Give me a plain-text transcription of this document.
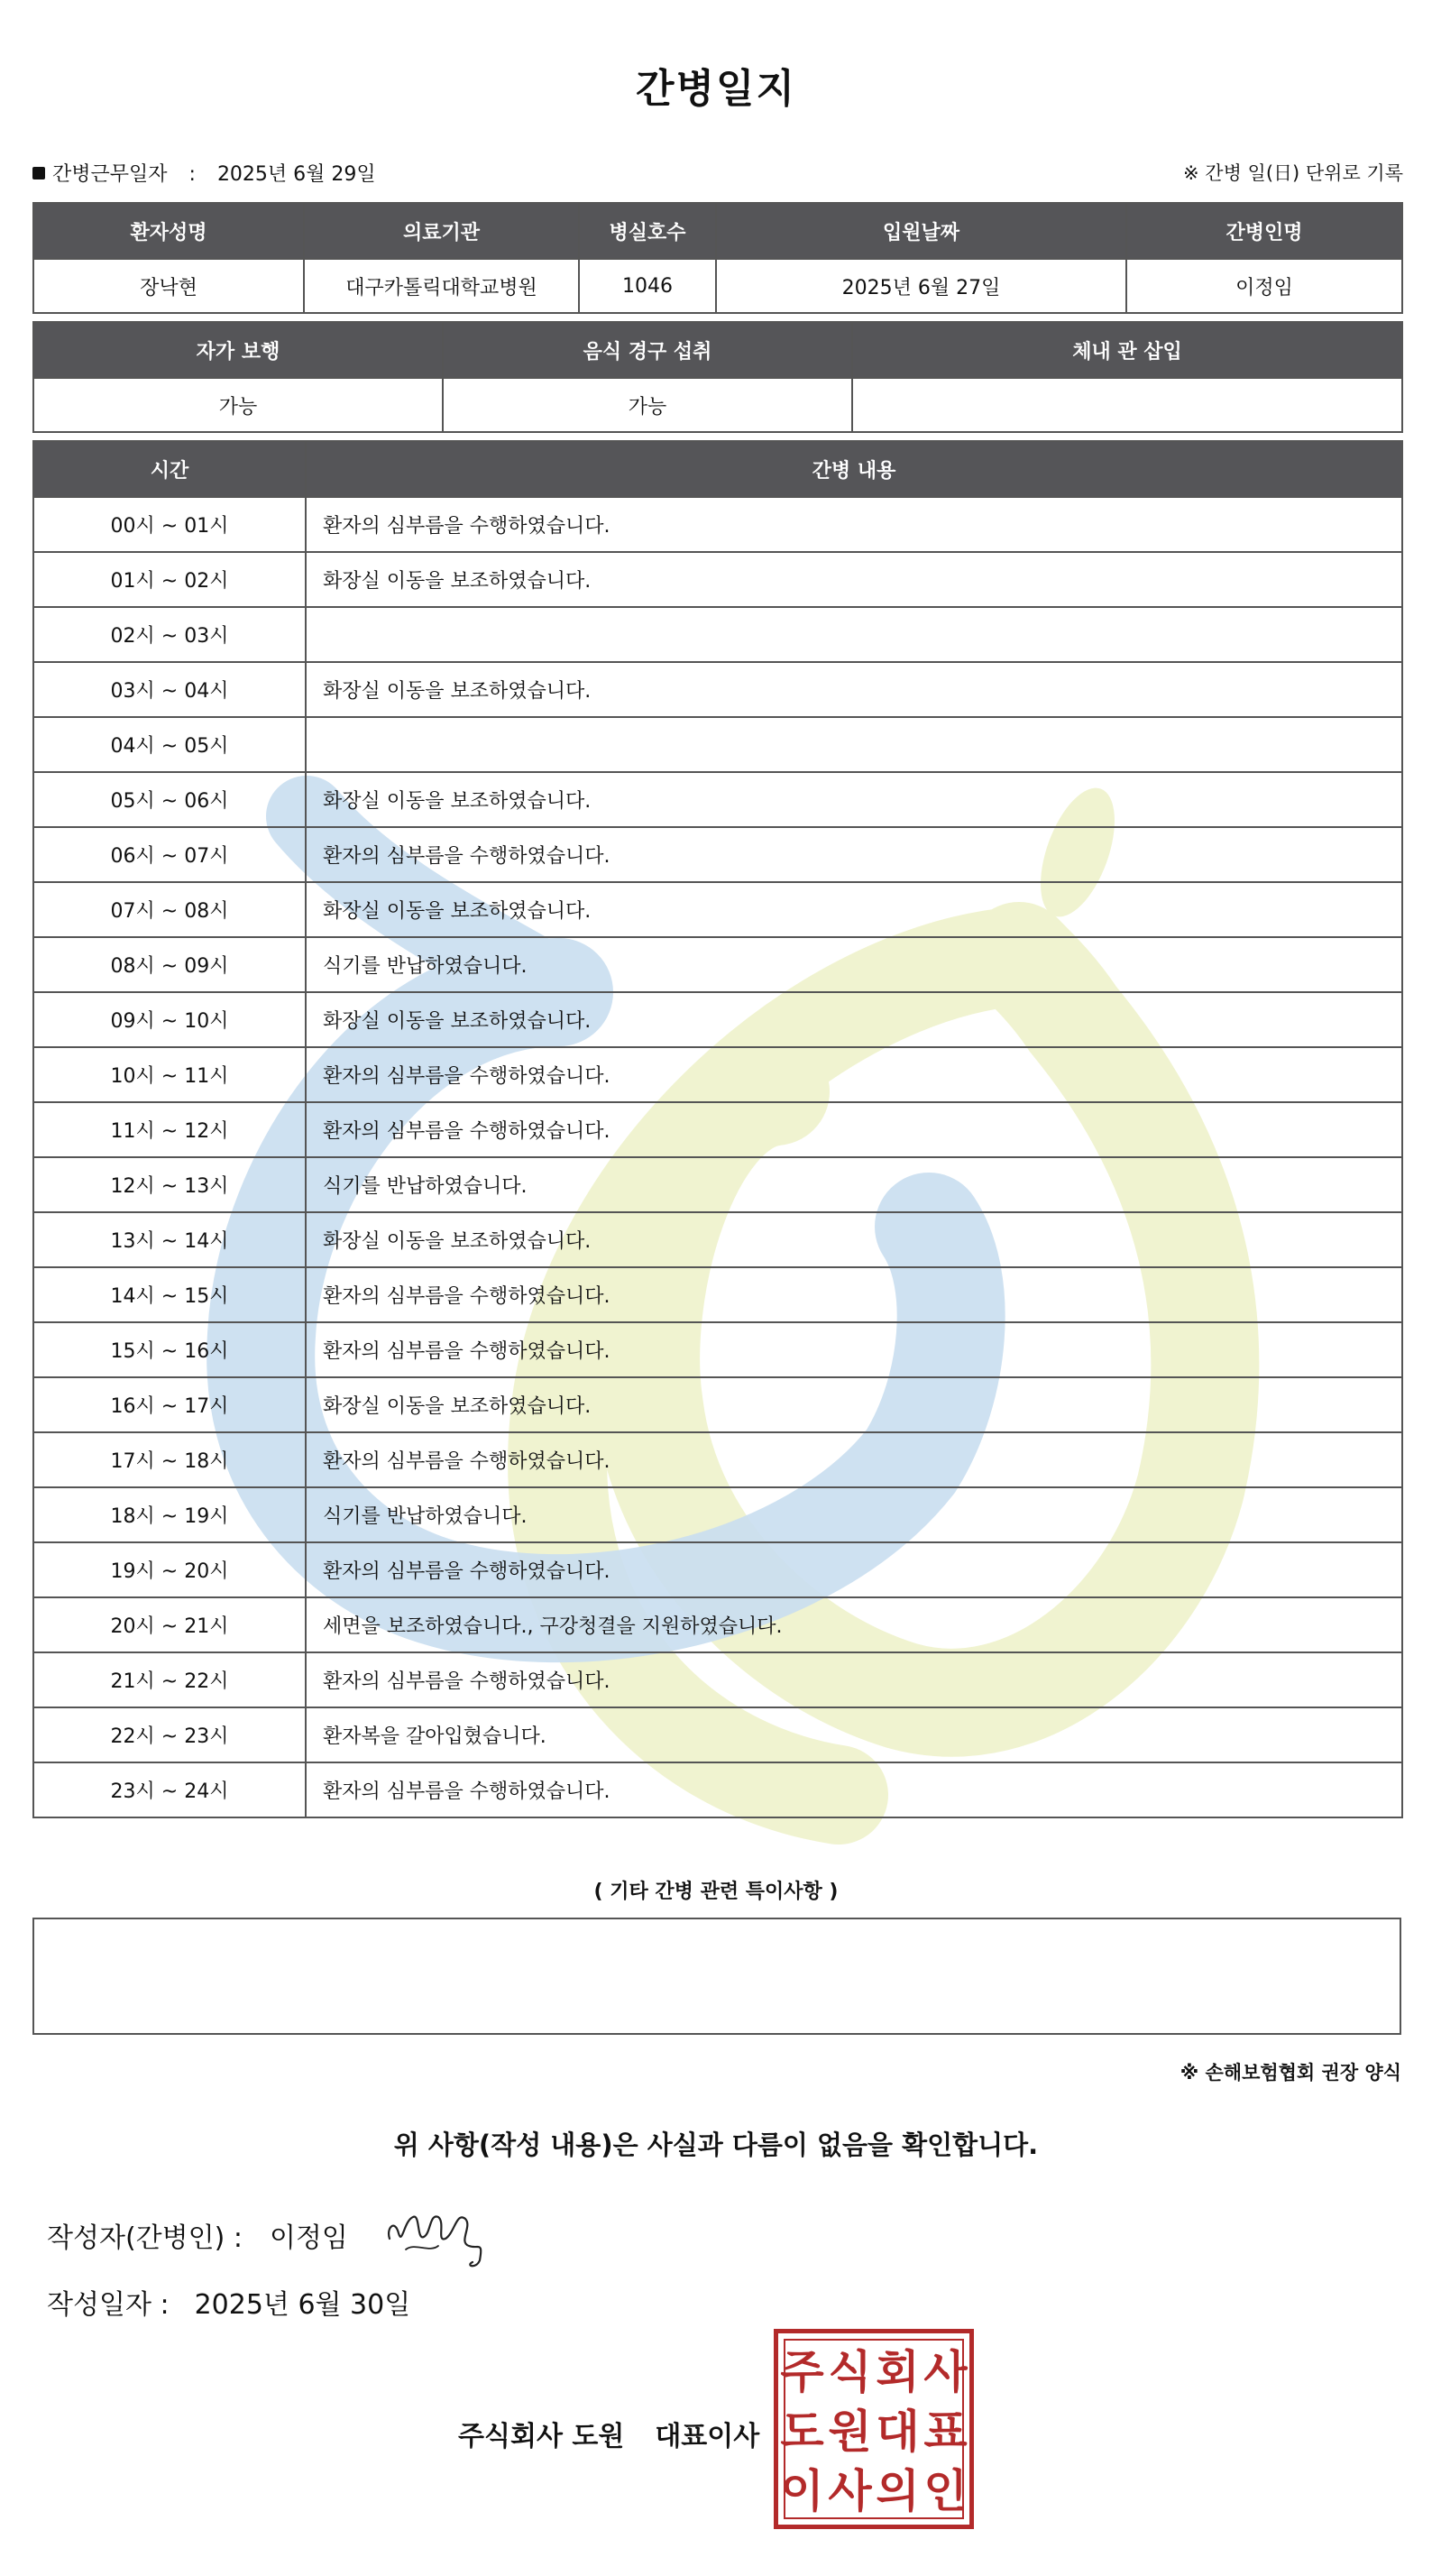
간병일지
간병근무일자 : 2025년 6월 29일	※ 간병 일(日) 단위로 기록
환자성명	의료기관	병실호수	입원날짜	간병인명
장낙현	대구카톨릭대학교병원	1046	2025년 6월 27일	이정임
자가 보행	음식 경구 섭취	체내 관 삽입
가능	가능	
시간	간병 내용
00시 ~ 01시	환자의 심부름을 수행하였습니다.
01시 ~ 02시	화장실 이동을 보조하였습니다.
02시 ~ 03시	
03시 ~ 04시	화장실 이동을 보조하였습니다.
04시 ~ 05시	
05시 ~ 06시	화장실 이동을 보조하였습니다.
06시 ~ 07시	환자의 심부름을 수행하였습니다.
07시 ~ 08시	화장실 이동을 보조하였습니다.
08시 ~ 09시	식기를 반납하였습니다.
09시 ~ 10시	화장실 이동을 보조하였습니다.
10시 ~ 11시	환자의 심부름을 수행하였습니다.
11시 ~ 12시	환자의 심부름을 수행하였습니다.
12시 ~ 13시	식기를 반납하였습니다.
13시 ~ 14시	화장실 이동을 보조하였습니다.
14시 ~ 15시	환자의 심부름을 수행하였습니다.
15시 ~ 16시	환자의 심부름을 수행하였습니다.
16시 ~ 17시	화장실 이동을 보조하였습니다.
17시 ~ 18시	환자의 심부름을 수행하였습니다.
18시 ~ 19시	식기를 반납하였습니다.
19시 ~ 20시	환자의 심부름을 수행하였습니다.
20시 ~ 21시	세면을 보조하였습니다., 구강청결을 지원하였습니다.
21시 ~ 22시	환자의 심부름을 수행하였습니다.
22시 ~ 23시	환자복을 갈아입혔습니다.
23시 ~ 24시	환자의 심부름을 수행하였습니다.
( 기타 간병 관련 특이사항 )
※ 손해보험협회 권장 양식
위 사항(작성 내용)은 사실과 다름이 없음을 확인합니다.
작성자(간병인) : 이정임
작성일자 : 2025년 6월 30일
주식회사 도원 대표이사
주 식 회 사
도 원 대 표
이 사 의 인
